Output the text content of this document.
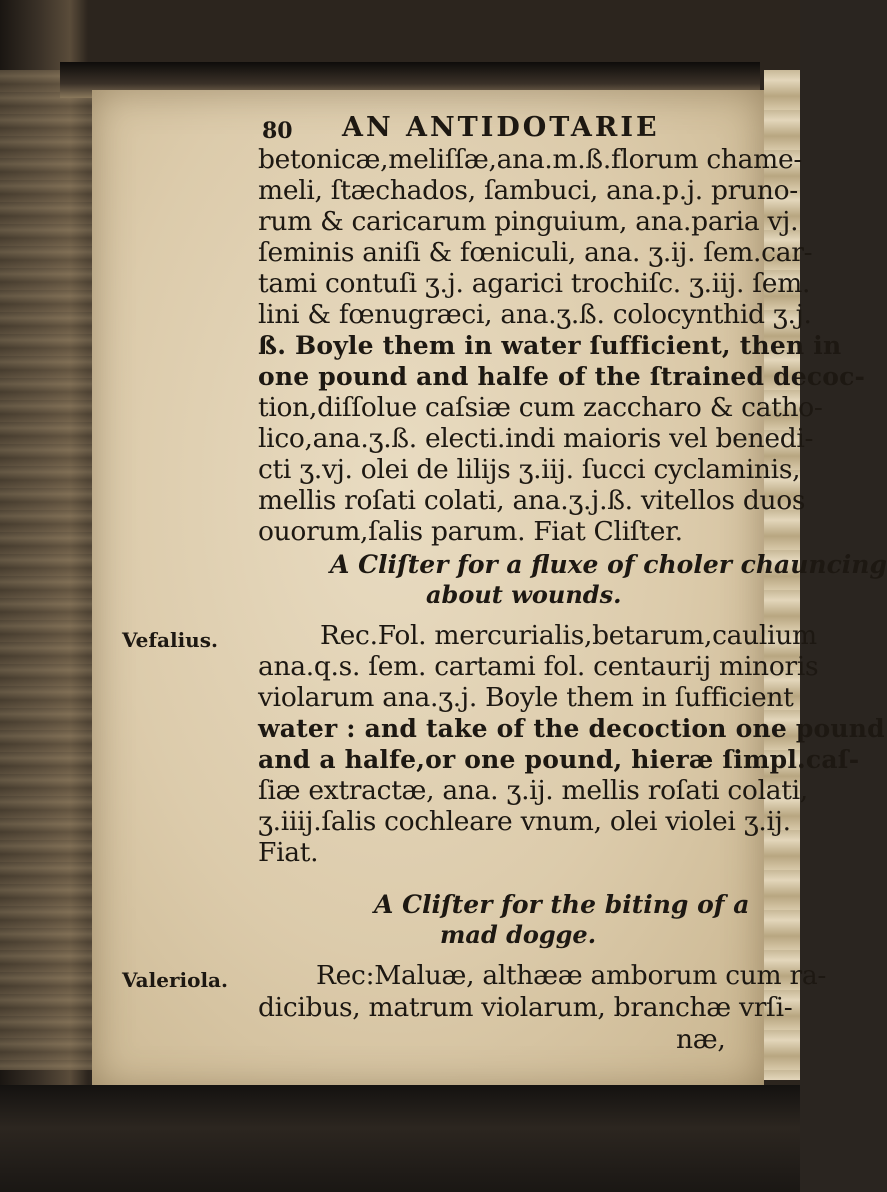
80 AN ANTIDOTARIE
betonicæ,meliſſæ,ana.m.ß.florum chame-
meli, ſtæchados, ſambuci, ana.p.j. pruno-
rum & caricarum pinguium, ana.paria vj.
ſeminis aniſi & fœniculi, ana. ʒ.ij. ſem.car-
tami contuſi ʒ.j. agarici trochiſc. ʒ.iij. ſem.
lini & fœnugræci, ana.ʒ.ß. colocynthid ʒ.j.
ß. Boyle them in water ſufficient, then in
one pound and halfe of the ſtrained decoc-
tion,diſſolue caſsiæ cum zaccharo & catho-
lico,ana.ʒ.ß. electi.indi maioris vel benedi-
cti ʒ.vj. olei de lilijs ʒ.iij. ſucci cyclaminis,
mellis roſati colati, ana.ʒ.j.ß. vitellos duos
ouorum,ſalis parum. Fiat Cliſter.
A Cliſter for a fluxe of choler chauncing
about wounds.
Vefalius.	Rec.Fol. mercurialis,betarum,caulium
ana.q.s. ſem. cartami fol. centaurij minoris
violarum ana.ʒ.j. Boyle them in ſufficient
water : and take of the decoction one pound
and a halfe,or one pound, hieræ ſimpl.caſ-
ſiæ extractæ, ana. ʒ.ij. mellis roſati colati,
ʒ.iiij.ſalis cochleare vnum, olei violei ʒ.ij.
Fiat.
A Cliſter for the biting of a
mad dogge.
Valeriola.	Rec:Maluæ, althææ amborum cum ra-
dicibus, matrum violarum, branchæ vrſi-
næ,
